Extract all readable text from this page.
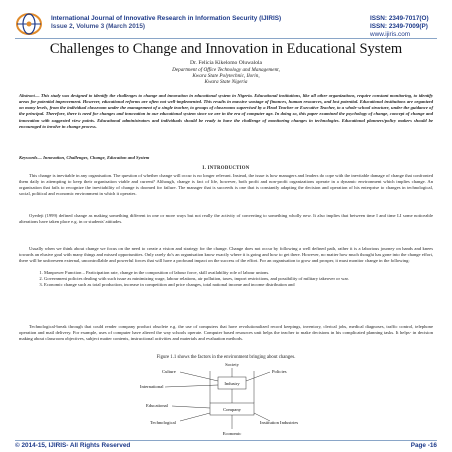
International Journal of Innovative Research in Information Security (IJIRIS)
Issue 2, Volume 3 (March 2015)
ISSN: 2349-7017(O)
ISSN: 2349-7009(P)
www.ijiris.com
Challenges to Change and Innovation in Educational System
Dr. Felicia Kikelomo Oluwalola
Department of Office Technology and Management,
Kwara State Polytechnic, Ilorin,
Kwara State Nigeria
Abstract— This study was designed to identify the challenges to change and innovation in educational system in Nigeria. Educational institutions, like all other organizations, require constant monitoring, to identify areas for potential improvement. However, educational reforms are often not well-implemented. This results in massive wastage of finances, human resources, and lost potential. Educational institutions are organized on many levels, from the individual classroom under the management of a single teacher, to groups of classrooms supervised by a Head Teacher or Executive Teacher, to a whole-school structure, under the guidance of the principal. Therefore, there is need for changes and innovation in our educational system since we are in the era of computer age. In doing so, this paper examined the psychology of change, concept of change and innovation with suggested view points. Educational administrators and individuals should be ready to have the challenge of monitoring changes in technologies. Educational planners/policy makers should be encouraged to involve in change process.
Keywords— Innovation, Challenges, Change, Education and System
I. INTRODUCTION
This change is inevitable in any organisation. The question of whether change will occur is no longer relevant. Instead, the issue is how managers and leaders do cope with the inevitable damage of change that confronted them daily in attempting to keep their organisation viable and current? Although, change is fact of life, however, both profit and non-profit organizations operate in a dynamic environment which implies change. An organisation that fails to recognize the inevitability of change is doomed for failure. The manager that is succeeds is one that is constantly adapting the decision and operation of his enterprise to changes in technological, social, political and economic environment in which it operates.
Oyedeji (1999) defined change as making something different in one or more ways but not really the activity of converting to something wholly new. It also implies that between time I and time LI some noticeable alterations have taken place e.g. in or students' attitudes.
Usually when we think about change we focus on the need to create a vision and strategy for the change. Change does not occur by following a well defined path, rather it is a laborious journey on hands and knees towards an elusive goal with many things and missed opportunities. Only rarely do's an organisation know exactly where it is going and how to get there. However, no matter how much thought has gone into the change effort, there will be unforeseen external, uncontrollable and powerful forces that will have a profound impact on the success of the effort. For an organisation to grow and prosper, it must monitor change in the following:
1. Manpower Function – Participation rate, change in the composition of labour force, skill availability role of labour unions.
2. Government policies dealing with such issue as minimizing wage, labour relations, air pollution, taxes, import restrictions, and possibility of military takeover or war.
3. Economic change such as total production, increase in competition and price changes, total national income and income distribution and
Technological-break through that could render company product obsolete e.g. the use of computers that have revolutionalized record keepings, inventory, clerical jobs, medical diagnoses, traffic control, telephone operation and mail delivery. For example, uses of computer have altered the way schools operate. Computer based resources unit helps the teacher to make decisions in his complicated planning tasks. It helps- in decision making about classroom objectives, subject matter contents, instructional activities and materials and evaluation methods.
Figure 1.1 shows the factors in the environment bringing about changes.
Society
Culture	Policies
International
Industry
Educational
Company
Technological	Institution Industries
Economic
© 2014-15, IJIRIS- All Rights Reserved	Page -16
